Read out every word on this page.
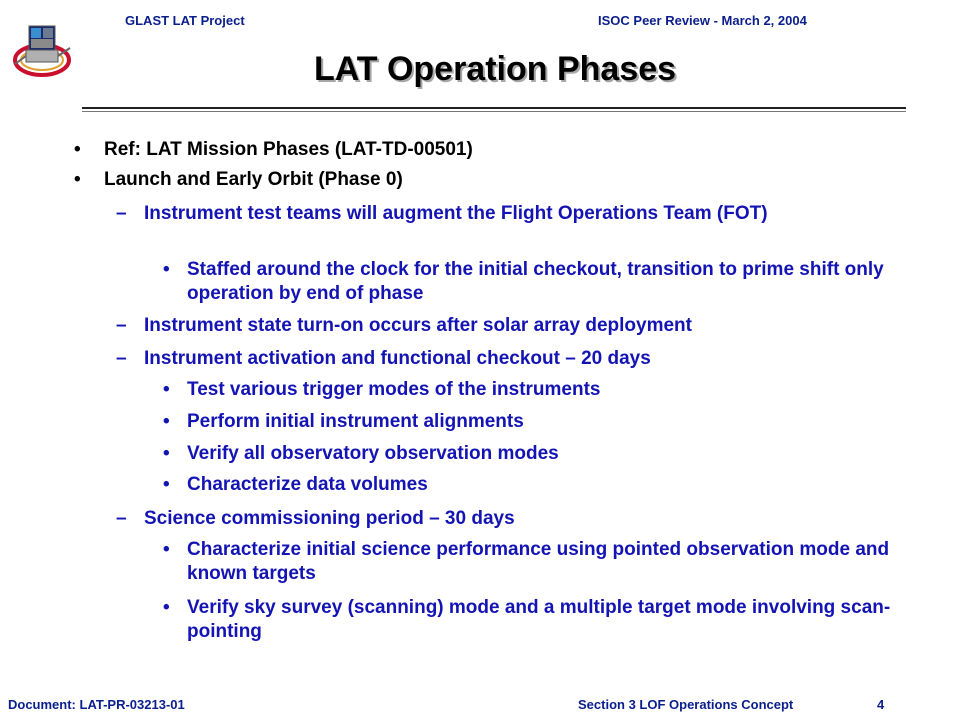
GLAST LAT Project	ISOC Peer Review - March 2, 2004
LAT Operation Phases
• Ref: LAT Mission Phases (LAT-TD-00501)
• Launch and Early Orbit (Phase 0)
– Instrument test teams will augment the Flight Operations Team (FOT)
• Staffed around the clock for the initial checkout, transition to prime shift only operation by end of phase
– Instrument state turn-on occurs after solar array deployment
– Instrument activation and functional checkout – 20 days
• Test various trigger modes of the instruments
• Perform initial instrument alignments
• Verify all observatory observation modes
• Characterize data volumes
– Science commissioning period – 30 days
• Characterize initial science performance using pointed observation mode and known targets
• Verify sky survey (scanning) mode and a multiple target mode involving scan-pointing
Document: LAT-PR-03213-01	Section 3 LOF Operations Concept	4
